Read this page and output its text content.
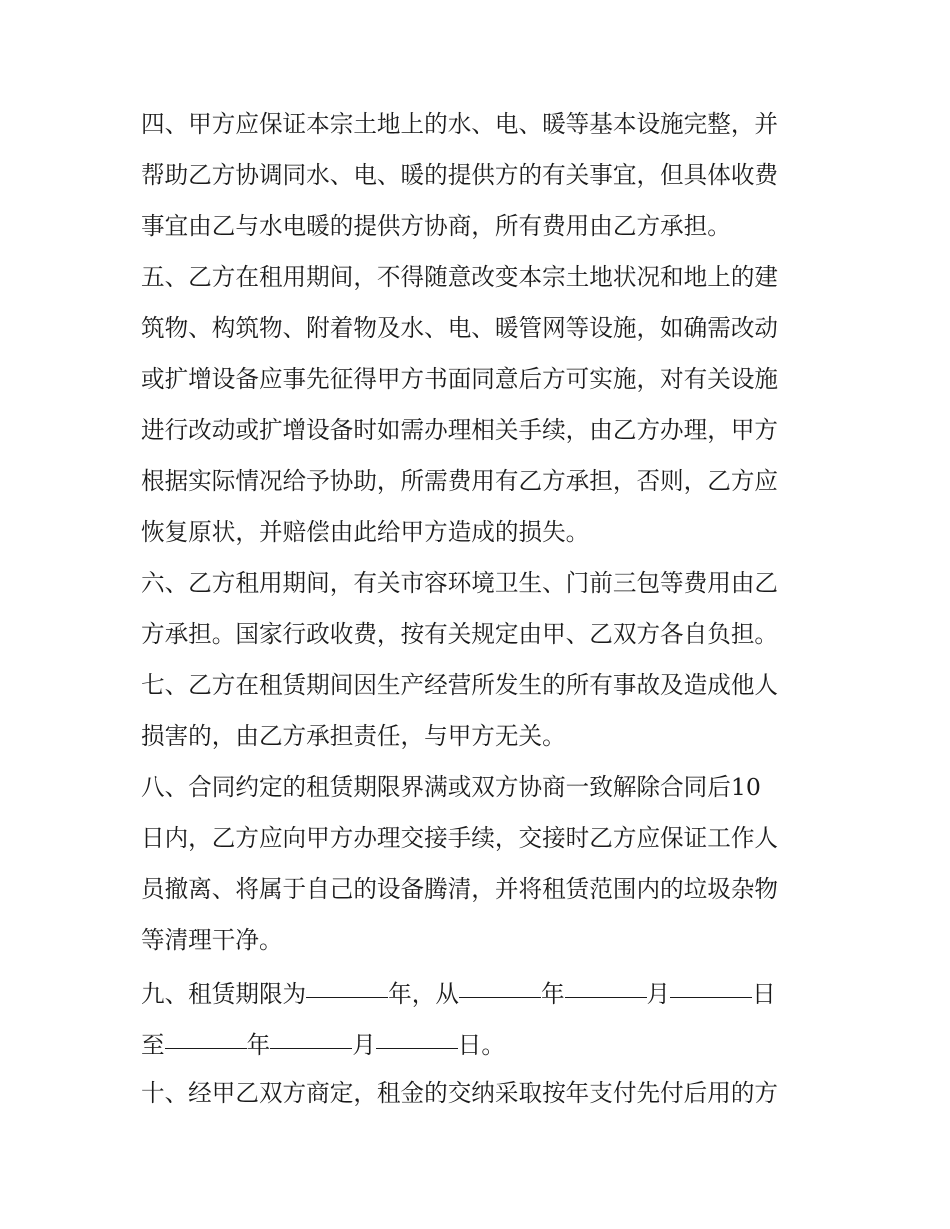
四、甲方应保证本宗土地上的水、电、暖等基本设施完整，并
帮助乙方协调同水、电、暖的提供方的有关事宜，但具体收费
事宜由乙与水电暖的提供方协商，所有费用由乙方承担。
五、乙方在租用期间，不得随意改变本宗土地状况和地上的建
筑物、构筑物、附着物及水、电、暖管网等设施，如确需改动
或扩增设备应事先征得甲方书面同意后方可实施，对有关设施
进行改动或扩增设备时如需办理相关手续，由乙方办理，甲方
根据实际情况给予协助，所需费用有乙方承担，否则，乙方应
恢复原状，并赔偿由此给甲方造成的损失。
六、乙方租用期间，有关市容环境卫生、门前三包等费用由乙
方承担。国家行政收费，按有关规定由甲、乙双方各自负担。
七、乙方在租赁期间因生产经营所发生的所有事故及造成他人
损害的，由乙方承担责任，与甲方无关。
八、合同约定的租赁期限界满或双方协商一致解除合同后10
日内，乙方应向甲方办理交接手续，交接时乙方应保证工作人
员撤离、将属于自己的设备腾清，并将租赁范围内的垃圾杂物
等清理干净。
九、租赁期限为	年，从	年	月	日
至	年	月	日。
十、经甲乙双方商定，租金的交纳采取按年支付先付后用的方
